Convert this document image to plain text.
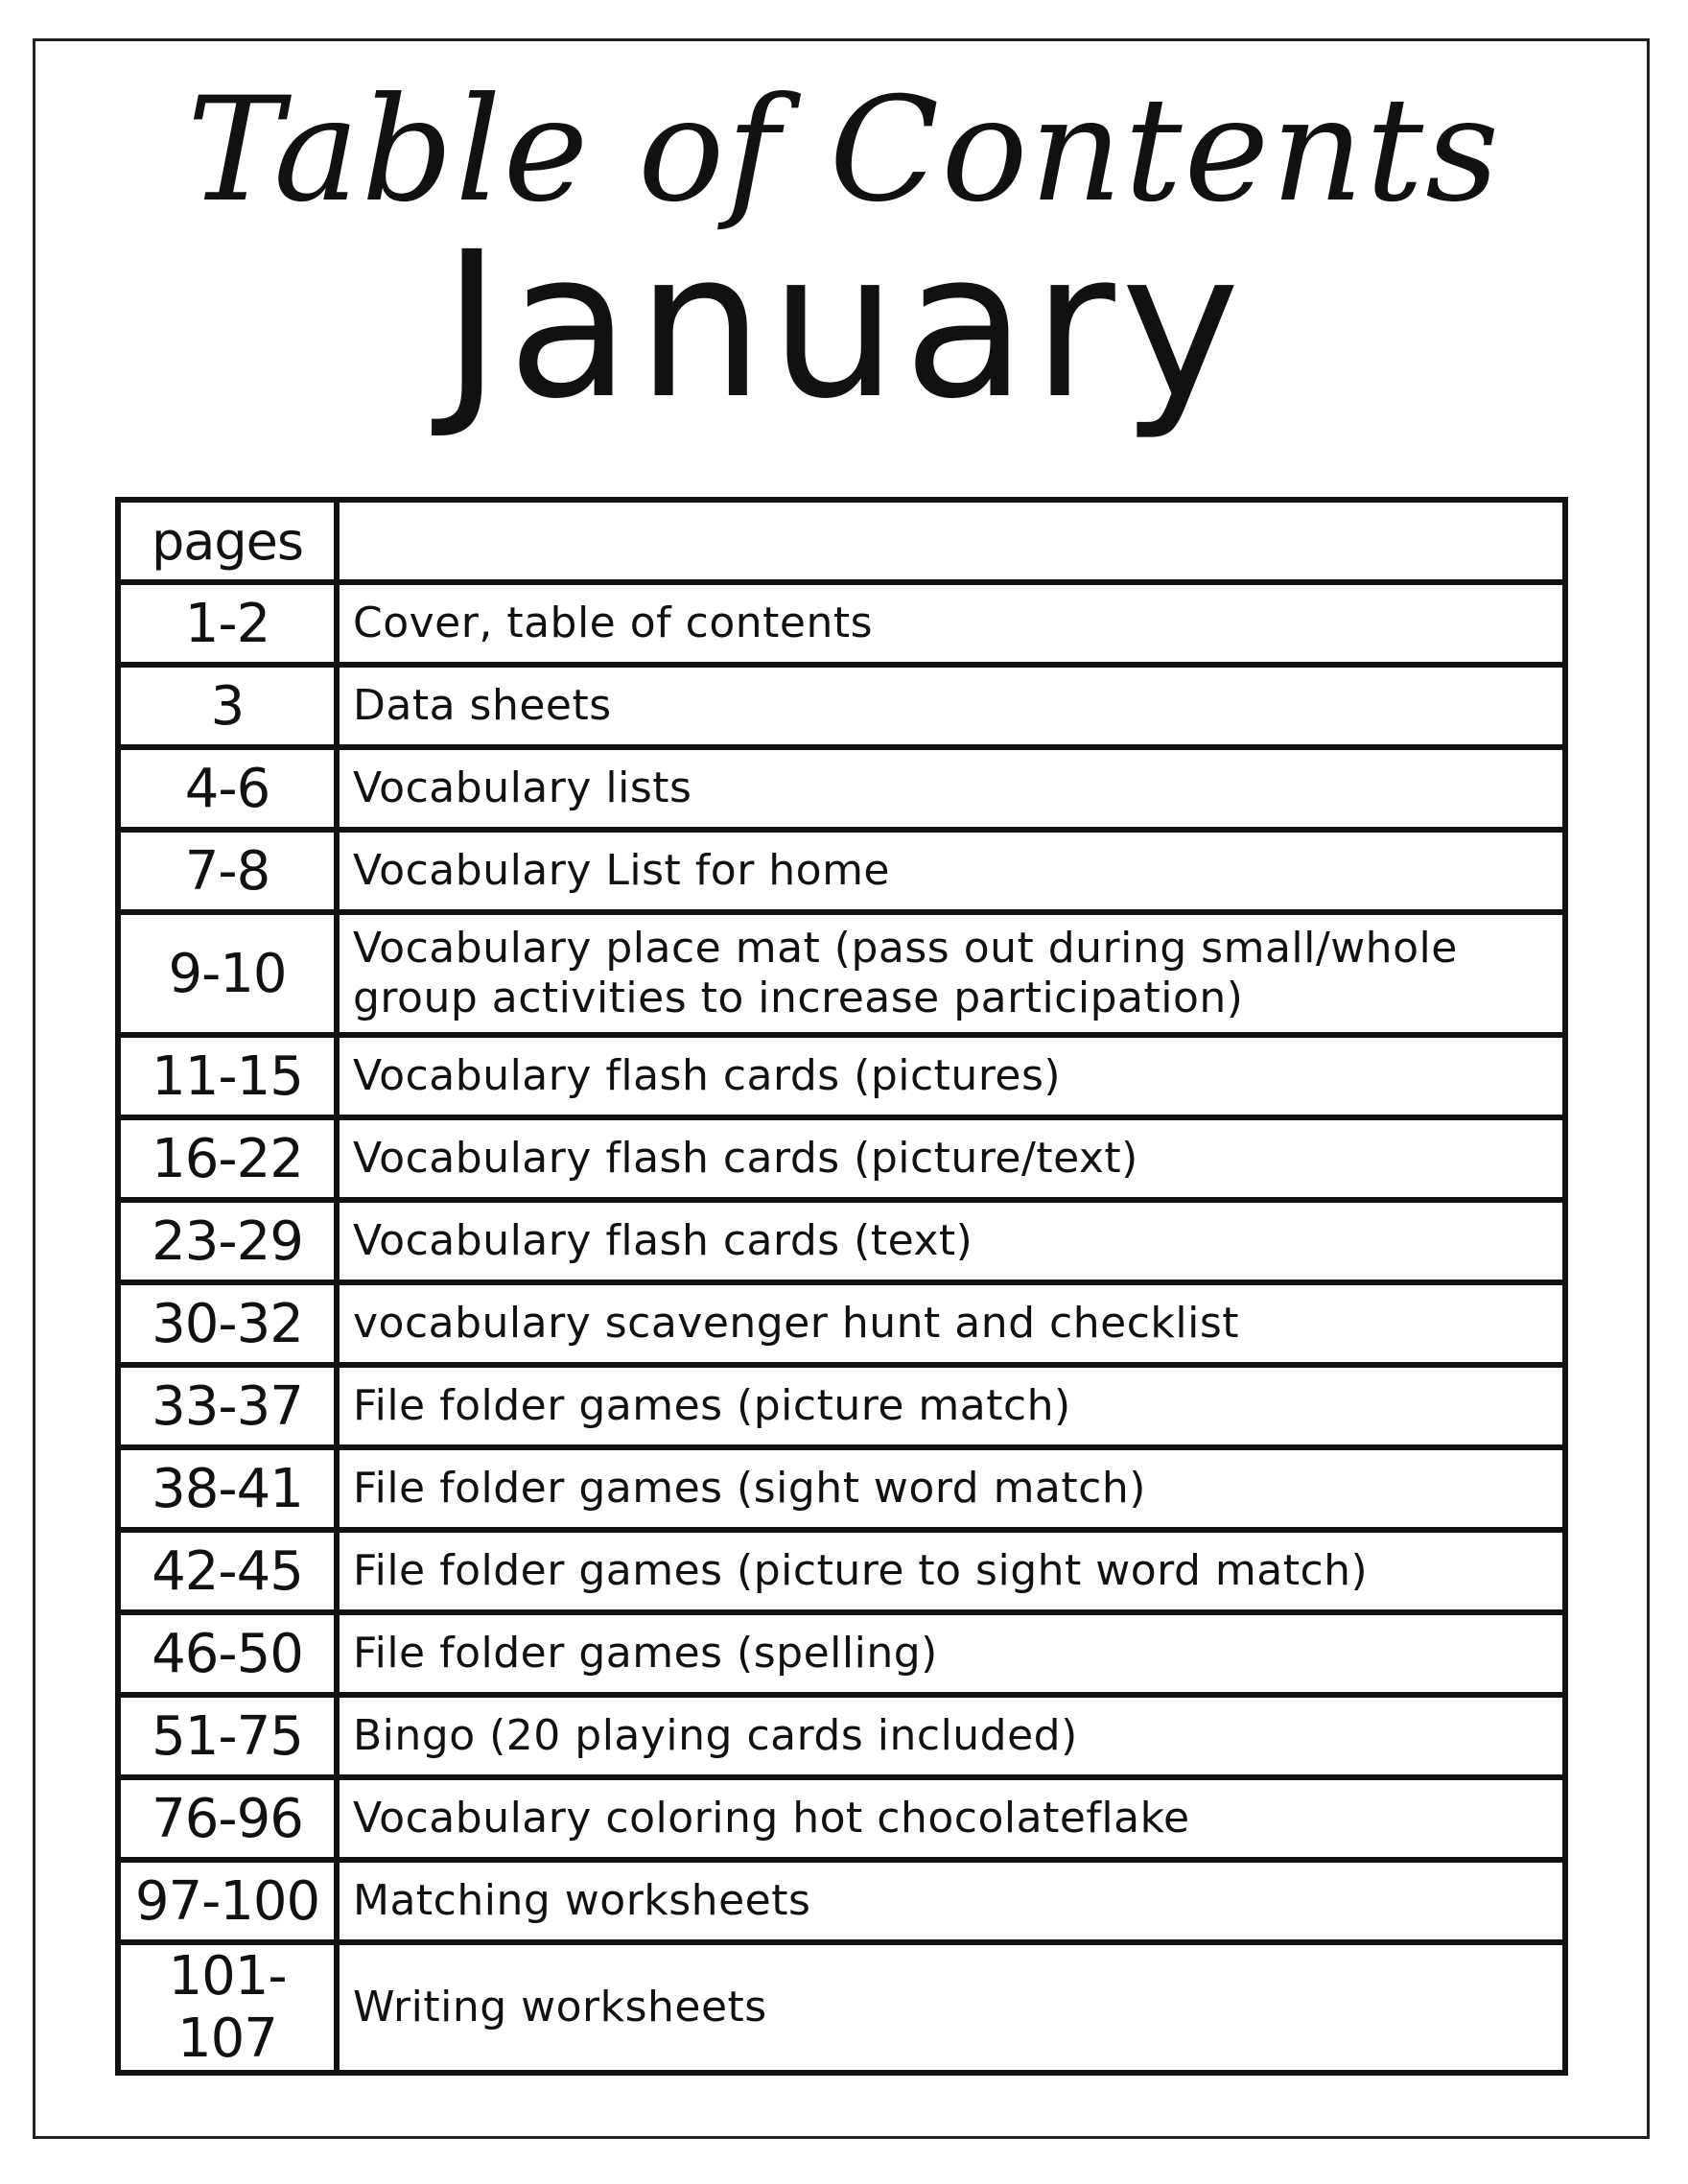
Table of Contents
January
pages	
1-2	Cover, table of contents
3	Data sheets
4-6	Vocabulary lists
7-8	Vocabulary List for home
9-10	Vocabulary place mat (pass out during small/whole group activities to increase participation)
11-15	Vocabulary flash cards (pictures)
16-22	Vocabulary flash cards (picture/text)
23-29	Vocabulary flash cards (text)
30-32	vocabulary scavenger hunt and checklist
33-37	File folder games (picture match)
38-41	File folder games (sight word match)
42-45	File folder games (picture to sight word match)
46-50	File folder games (spelling)
51-75	Bingo (20 playing cards included)
76-96	Vocabulary coloring hot chocolateflake
97-100	Matching worksheets
101-107	Writing worksheets
